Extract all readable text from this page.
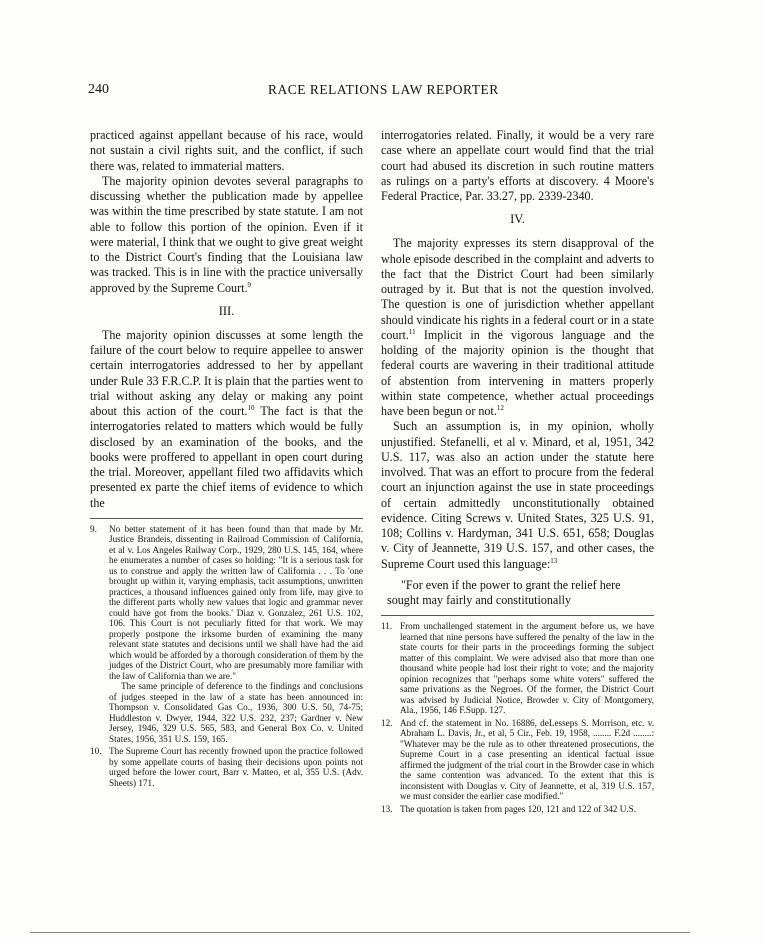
240	RACE RELATIONS LAW REPORTER

practiced against appellant because of his race, would not sustain a civil rights suit, and the conflict, if such there was, related to immaterial matters.

The majority opinion devotes several paragraphs to discussing whether the publication made by appellee was within the time prescribed by state statute. I am not able to follow this portion of the opinion. Even if it were material, I think that we ought to give great weight to the District Court's finding that the Louisiana law was tracked. This is in line with the practice universally approved by the Supreme Court.$^9$

III.

The majority opinion discusses at some length the failure of the court below to require appellee to answer certain interrogatories addressed to her by appellant under Rule 33 F.R.C.P. It is plain that the parties went to trial without asking any delay or making any point about this action of the court.$^{10}$ The fact is that the interrogatories related to matters which would be fully disclosed by an examination of the books, and the books were proffered to appellant in open court during the trial. Moreover, appellant filed two affidavits which presented ex parte the chief items of evidence to which the

9. No better statement of it has been found than that made by Mr. Justice Brandeis, dissenting in Railroad Commission of California, et al v. Los Angeles Railway Corp., 1929, 280 U.S. 145, 164, where he enumerates a number of cases so holding: "It is a serious task for us to construe and apply the written law of California . . . To 'one brought up within it, varying emphasis, tacit assumptions, unwritten practices, a thousand influences gained only from life, may give to the different parts wholly new values that logic and grammar never could have got from the books.' Diaz v. Gonzalez, 261 U.S. 102, 106. This Court is not peculiarly fitted for that work. We may properly postpone the irksome burden of examining the many relevant state statutes and decisions until we shall have had the aid which would be afforded by a thorough consideration of them by the judges of the District Court, who are presumably more familiar with the law of California than we are."

The same principle of deference to the findings and conclusions of judges steeped in the law of a state has been announced in: Thompson v. Consolidated Gas Co., 1936, 300 U.S. 50, 74-75; Huddleston v. Dwyer, 1944, 322 U.S. 232, 237; Gardner v. New Jersey, 1946, 329 U.S. 565, 583, and General Box Co. v. United States, 1956, 351 U.S. 159, 165.

10. The Supreme Court has recently frowned upon the practice followed by some appellate courts of basing their decisions upon points not urged before the lower court, Barr v. Matteo, et al, 355 U.S. (Adv. Sheets) 171.

interrogatories related. Finally, it would be a very rare case where an appellate court would find that the trial court had abused its discretion in such routine matters as rulings on a party's efforts at discovery. 4 Moore's Federal Practice, Par. 33.27, pp. 2339-2340.

IV.

The majority expresses its stern disapproval of the whole episode described in the complaint and adverts to the fact that the District Court had been similarly outraged by it. But that is not the question involved. The question is one of jurisdiction whether appellant should vindicate his rights in a federal court or in a state court.$^{11}$ Implicit in the vigorous language and the holding of the majority opinion is the thought that federal courts are wavering in their traditional attitude of abstention from intervening in matters properly within state competence, whether actual proceedings have been begun or not.$^{12}$

Such an assumption is, in my opinion, wholly unjustified. Stefanelli, et al v. Minard, et al, 1951, 342 U.S. 117, was also an action under the statute here involved. That was an effort to procure from the federal court an injunction against the use in state proceedings of certain admittedly unconstitutionally obtained evidence. Citing Screws v. United States, 325 U.S. 91, 108; Collins v. Hardyman, 341 U.S. 651, 658; Douglas v. City of Jeannette, 319 U.S. 157, and other cases, the Supreme Court used this language:$^{13}$

"For even if the power to grant the relief here sought may fairly and constitutionally

11. From unchallenged statement in the argument before us, we have learned that nine persons have suffered the penalty of the law in the state courts for their parts in the proceedings forming the subject matter of this complaint. We were advised also that more than one thousand white people had lost their right to vote; and the majority opinion recognizes that "perhaps some white voters" suffered the same privations as the Negroes. Of the former, the District Court was advised by Judicial Notice, Browder v. City of Montgomery, Ala., 1956, 146 F.Supp. 127.
12. And cf. the statement in No. 16886, deLesseps S. Morrison, etc. v. Abraham L. Davis, Jr., et al, 5 Cir., Feb. 19, 1958, ........ F.2d ........: "Whatever may be the rule as to other threatened prosecutions, the Supreme Court in a case presenting an identical factual issue affirmed the judgment of the trial court in the Browder case in which the same contention was advanced. To the extent that this is inconsistent with Douglas v. City of Jeannette, et al, 319 U.S. 157, we must consider the earlier case modified."
13. The quotation is taken from pages 120, 121 and 122 of 342 U.S.
